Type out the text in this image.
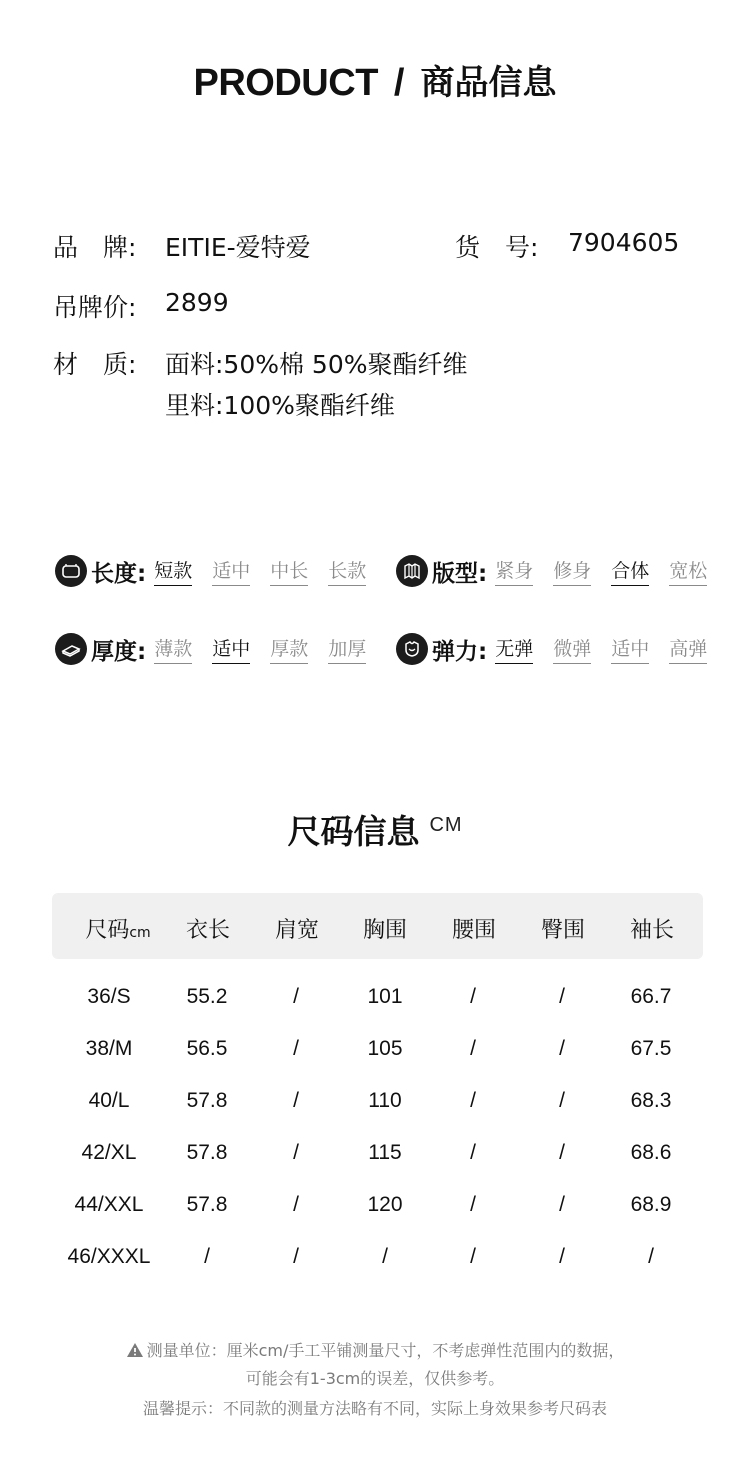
PRODUCT / 商品信息
品　牌: EITIE-爱特爱	货　号: 7904605
吊牌价: 2899
材　质: 面料:50%棉 50%聚酯纤维
里料:100%聚酯纤维
长度: 短款 适中 中长 长款	版型: 紧身 修身 合体 宽松
厚度: 薄款 适中 厚款 加厚	弹力: 无弹 微弹 适中 高弹
尺码信息 CM
尺码cm	衣长	肩宽	胸围	腰围	臀围	袖长
36/S	55.2	/	101	/	/	66.7
38/M	56.5	/	105	/	/	67.5
40/L	57.8	/	110	/	/	68.3
42/XL	57.8	/	115	/	/	68.6
44/XXL	57.8	/	120	/	/	68.9
46/XXXL	/	/	/	/	/	/
测量单位：厘米cm/手工平铺测量尺寸，不考虑弹性范围内的数据，
可能会有1-3cm的误差，仅供参考。
温馨提示：不同款的测量方法略有不同，实际上身效果参考尺码表
